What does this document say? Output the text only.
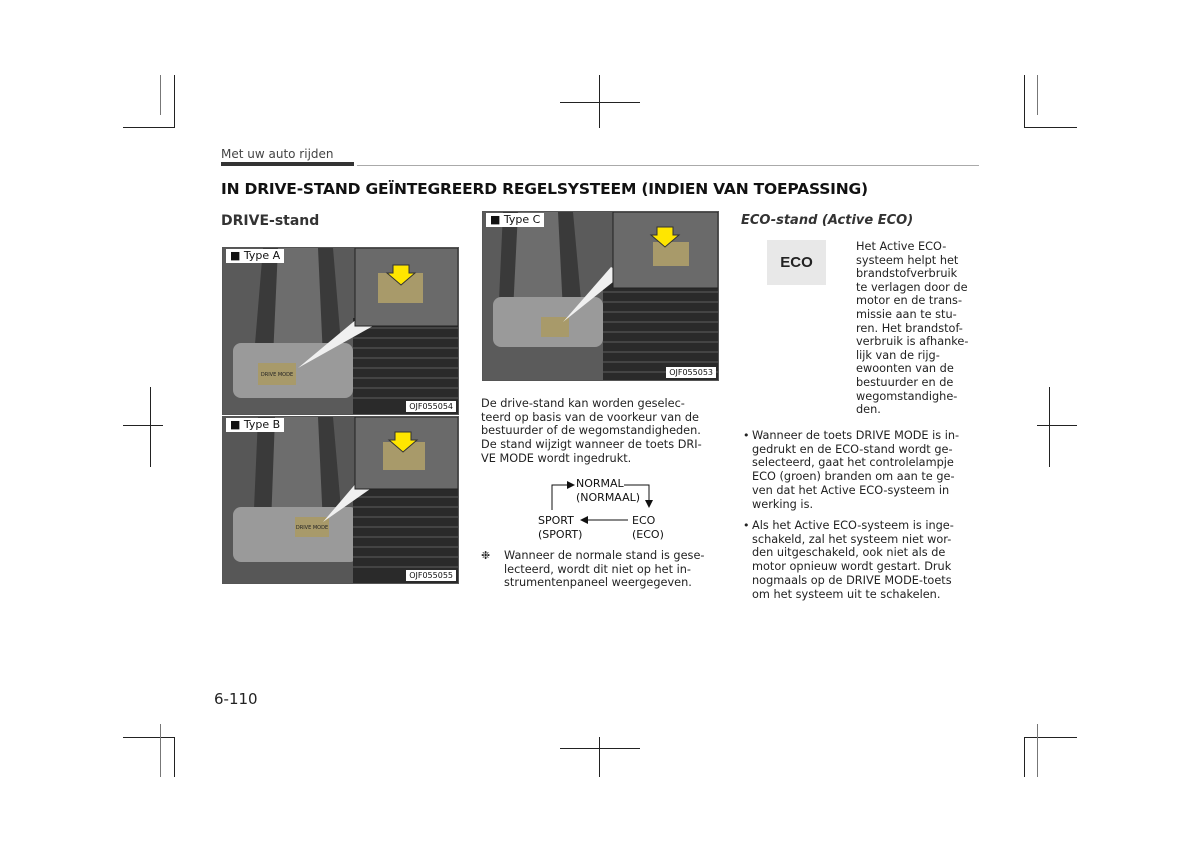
Met uw auto rijden
IN DRIVE-STAND GEÏNTEGREERD REGELSYSTEEM (INDIEN VAN TOEPASSING)
DRIVE-stand
DRIVE MODE
■ Type A
OJF055054
DRIVE MODE
■ Type B
OJF055055
■ Type C
OJF055053
De drive-stand kan worden geselec-
teerd op basis van de voorkeur van de
bestuurder of de wegomstandigheden.
De stand wijzigt wanneer de toets DRI-
VE MODE wordt ingedrukt.
NORMAL
(NORMAAL)
ECO
(ECO)
SPORT
(SPORT)
❉ Wanneer de normale stand is gese-
lecteerd, wordt dit niet op het in-
strumentenpaneel weergegeven.
ECO-stand (Active ECO)
ECO
Het Active ECO-
systeem helpt het
brandstofverbruik
te verlagen door de
motor en de trans-
missie aan te stu-
ren. Het brandstof-
verbruik is afhanke-
lijk van de rijg-
ewoonten van de
bestuurder en de
wegomstandighe-
den.
• Wanneer de toets DRIVE MODE is in-
gedrukt en de ECO-stand wordt ge-
selecteerd, gaat het controlelampje
ECO (groen) branden om aan te ge-
ven dat het Active ECO-systeem in
werking is.
• Als het Active ECO-systeem is inge-
schakeld, zal het systeem niet wor-
den uitgeschakeld, ook niet als de
motor opnieuw wordt gestart. Druk
nogmaals op de DRIVE MODE-toets
om het systeem uit te schakelen.
6-110
